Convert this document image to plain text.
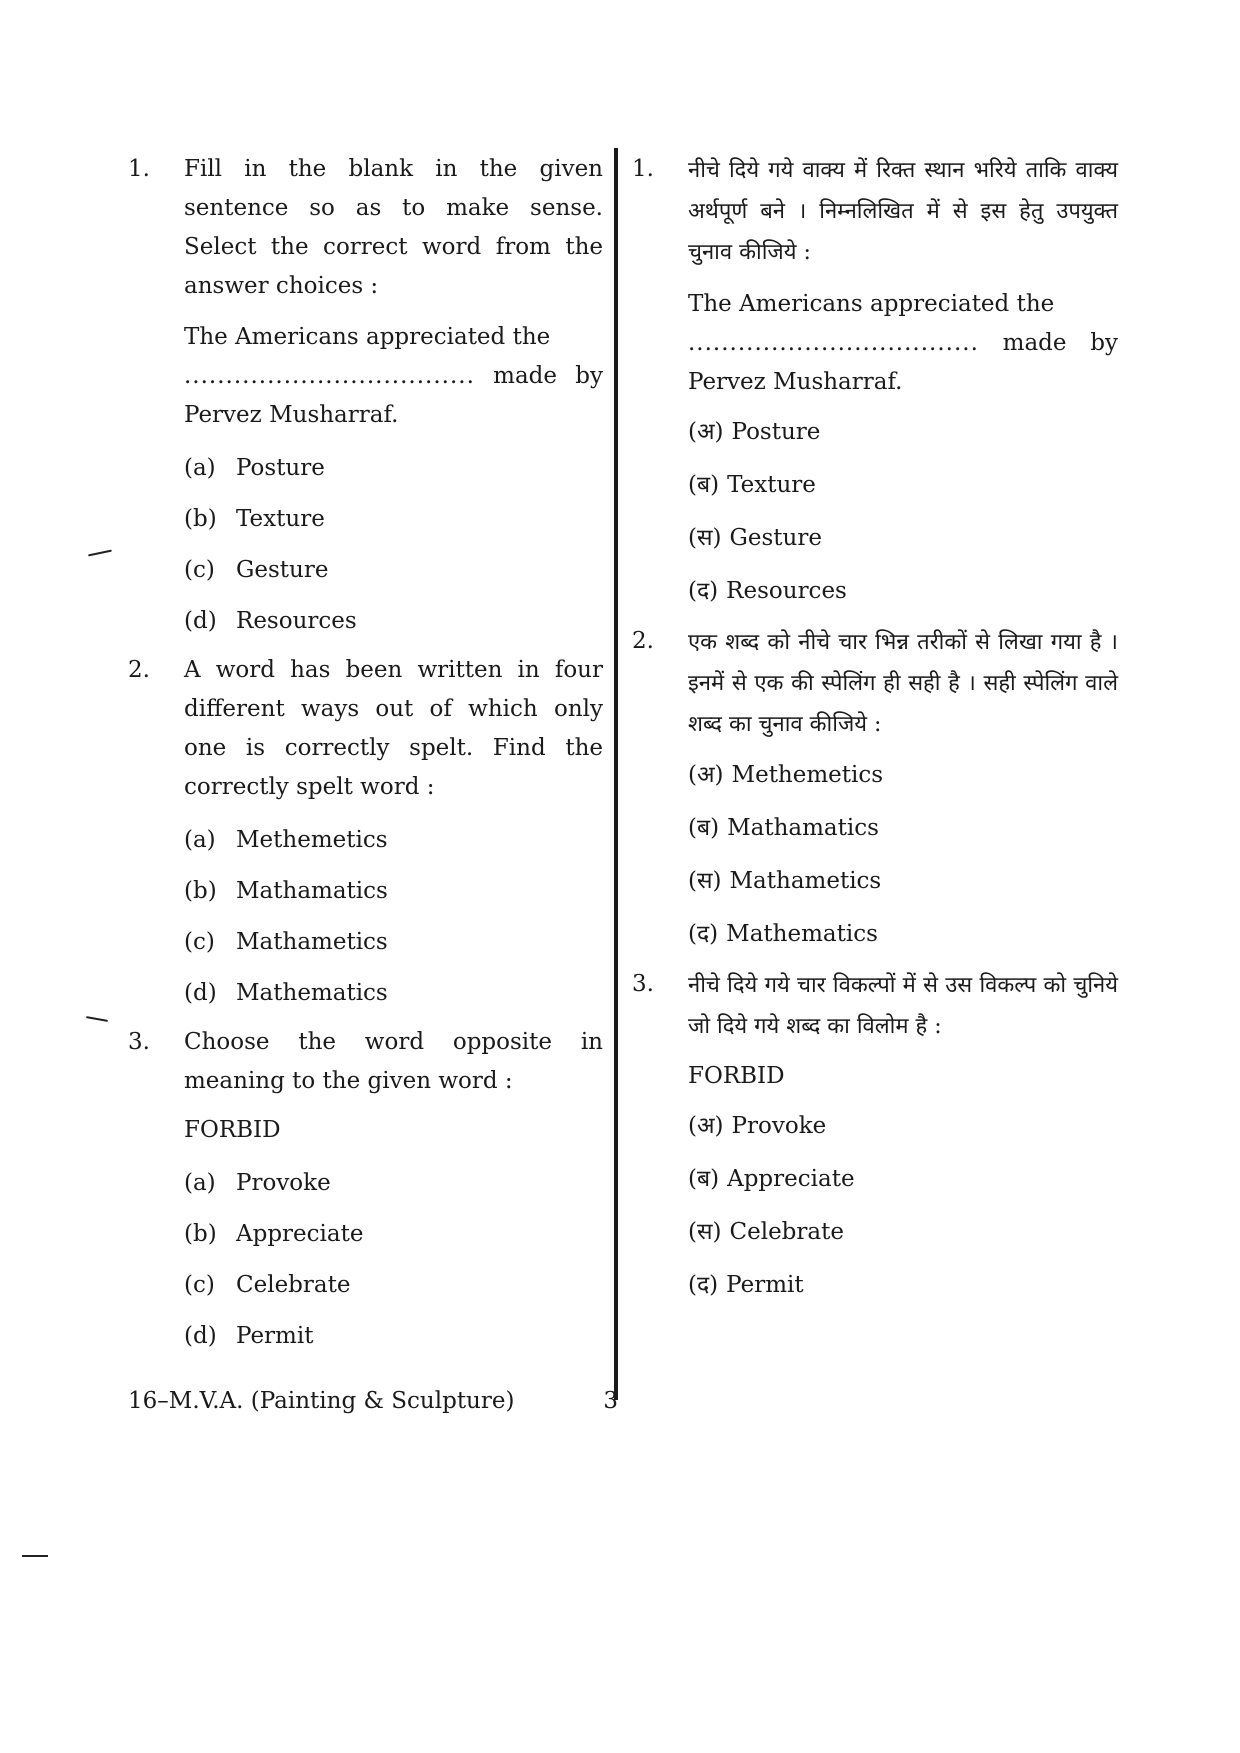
1. Fill in the blank in the given sentence so as to make sense. Select the correct word from the answer choices :

The Americans appreciated the
................................... made by Pervez Musharraf.

(a) Posture
(b) Texture
(c) Gesture
(d) Resources
2. A word has been written in four different ways out of which only one is correctly spelt. Find the correctly spelt word :

(a) Methemetics
(b) Mathamatics
(c) Mathametics
(d) Mathematics
3. Choose the word opposite in meaning to the given word :

FORBID

(a) Provoke
(b) Appreciate
(c) Celebrate
(d) Permit
1. नीचे दिये गये वाक्य में रिक्त स्थान भरिये ताकि वाक्य अर्थपूर्ण बने । निम्नलिखित में से इस हेतु उपयुक्त चुनाव कीजिये :

The Americans appreciated the
................................... made by Pervez Musharraf.

(अ) Posture
(ब) Texture
(स) Gesture
(द) Resources
2. एक शब्द को नीचे चार भिन्न तरीकों से लिखा गया है । इनमें से एक की स्पेलिंग ही सही है । सही स्पेलिंग वाले शब्द का चुनाव कीजिये :

(अ) Methemetics
(ब) Mathamatics
(स) Mathametics
(द) Mathematics
3. नीचे दिये गये चार विकल्पों में से उस विकल्प को चुनिये जो दिये गये शब्द का विलोम है :

FORBID

(अ) Provoke
(ब) Appreciate
(स) Celebrate
(द) Permit
16–M.V.A. (Painting & Sculpture)	3
